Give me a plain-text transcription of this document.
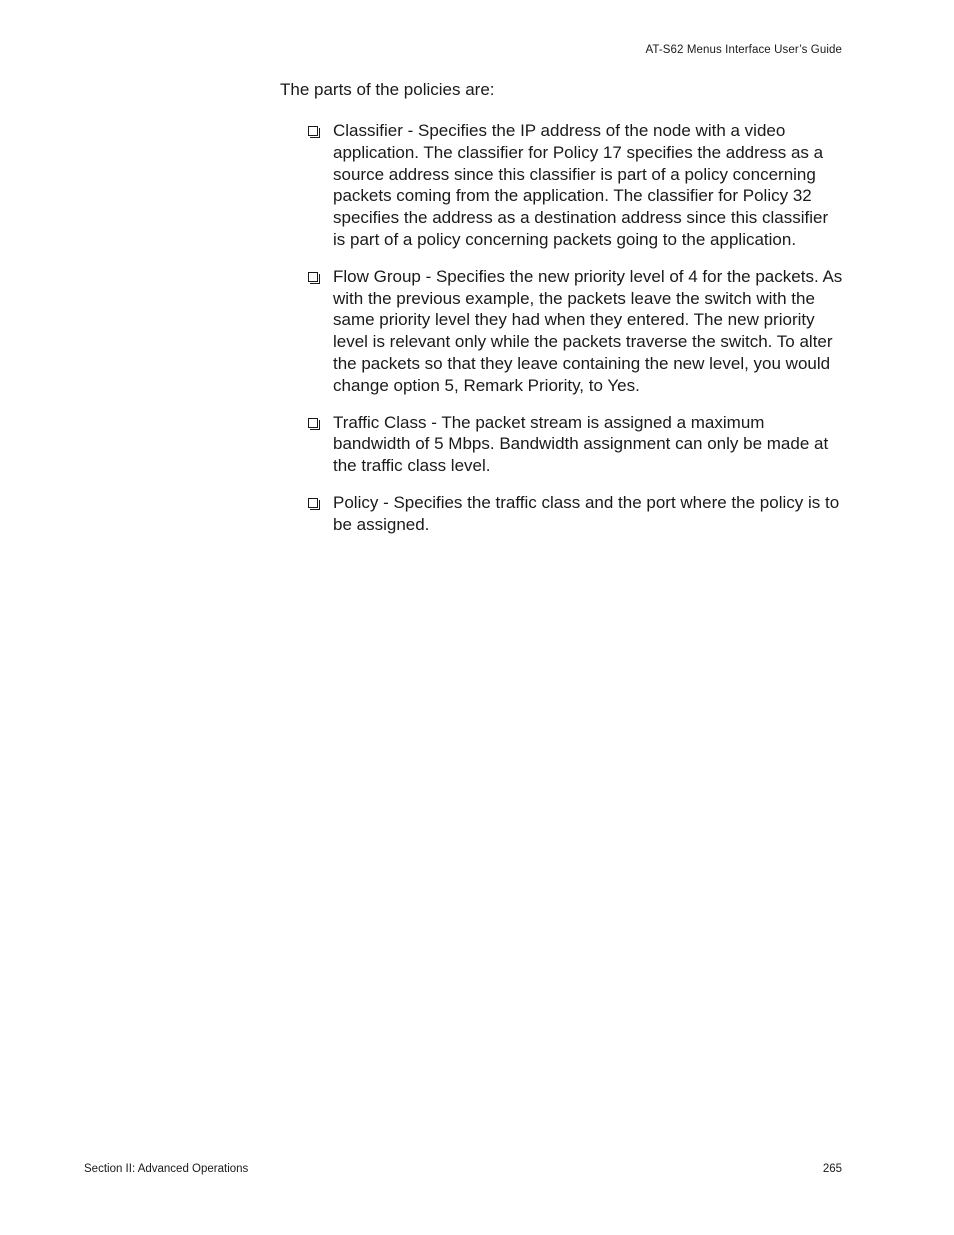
AT-S62 Menus Interface User’s Guide

The parts of the policies are:

Classifier - Specifies the IP address of the node with a video application. The classifier for Policy 17 specifies the address as a source address since this classifier is part of a policy concerning packets coming from the application. The classifier for Policy 32 specifies the address as a destination address since this classifier is part of a policy concerning packets going to the application.

Flow Group - Specifies the new priority level of 4 for the packets. As with the previous example, the packets leave the switch with the same priority level they had when they entered. The new priority level is relevant only while the packets traverse the switch. To alter the packets so that they leave containing the new level, you would change option 5, Remark Priority, to Yes.

Traffic Class - The packet stream is assigned a maximum bandwidth of 5 Mbps. Bandwidth assignment can only be made at the traffic class level.

Policy - Specifies the traffic class and the port where the policy is to be assigned.

Section II: Advanced Operations	265
